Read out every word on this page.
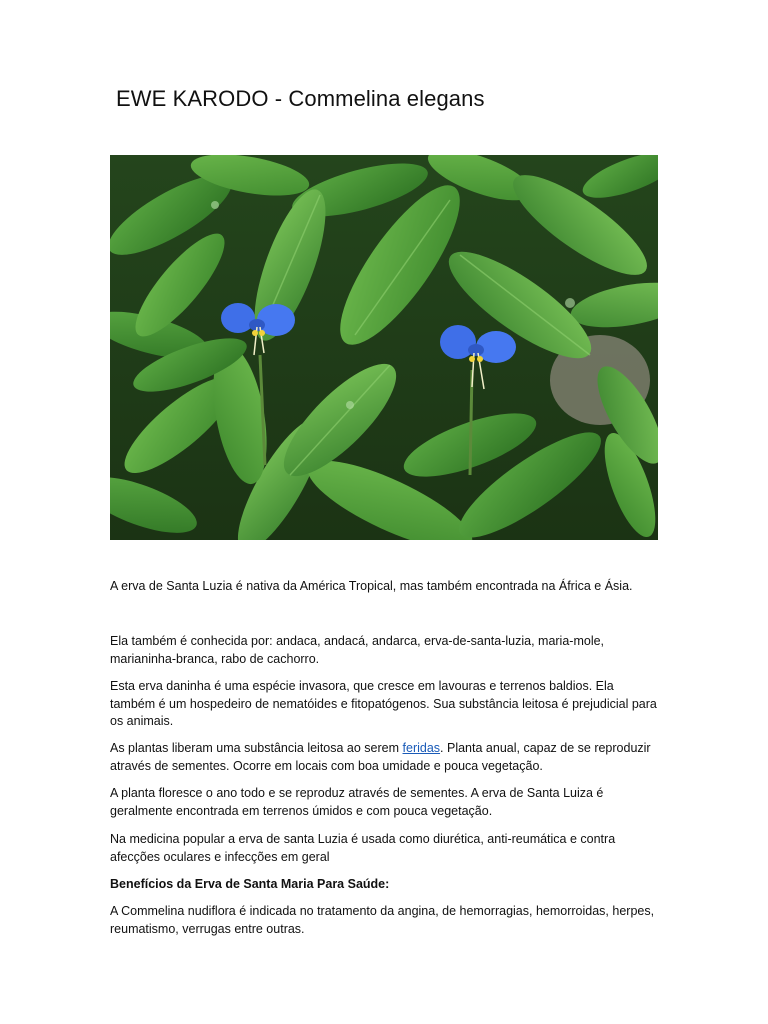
EWE KARODO - Commelina elegans

A erva de Santa Luzia é nativa da América Tropical, mas também encontrada na África e Ásia.

Ela também é conhecida por: andaca, andacá, andarca, erva-de-santa-luzia, maria-mole, marianinha-branca, rabo de cachorro.

Esta erva daninha é uma espécie invasora, que cresce em lavouras e terrenos baldios. Ela também é um hospedeiro de nematóides e fitopatógenos. Sua substância leitosa é prejudicial para os animais.

As plantas liberam uma substância leitosa ao serem feridas. Planta anual, capaz de se reproduzir através de sementes. Ocorre em locais com boa umidade e pouca vegetação.

A planta floresce o ano todo e se reproduz através de sementes. A erva de Santa Luiza é geralmente encontrada em terrenos úmidos e com pouca vegetação.

Na medicina popular a erva de santa Luzia é usada como diurética, anti-reumática e contra afecções oculares e infecções em geral

Benefícios da Erva de Santa Maria Para Saúde:

A Commelina nudiflora é indicada no tratamento da angina, de hemorragias, hemorroidas, herpes, reumatismo, verrugas entre outras.
